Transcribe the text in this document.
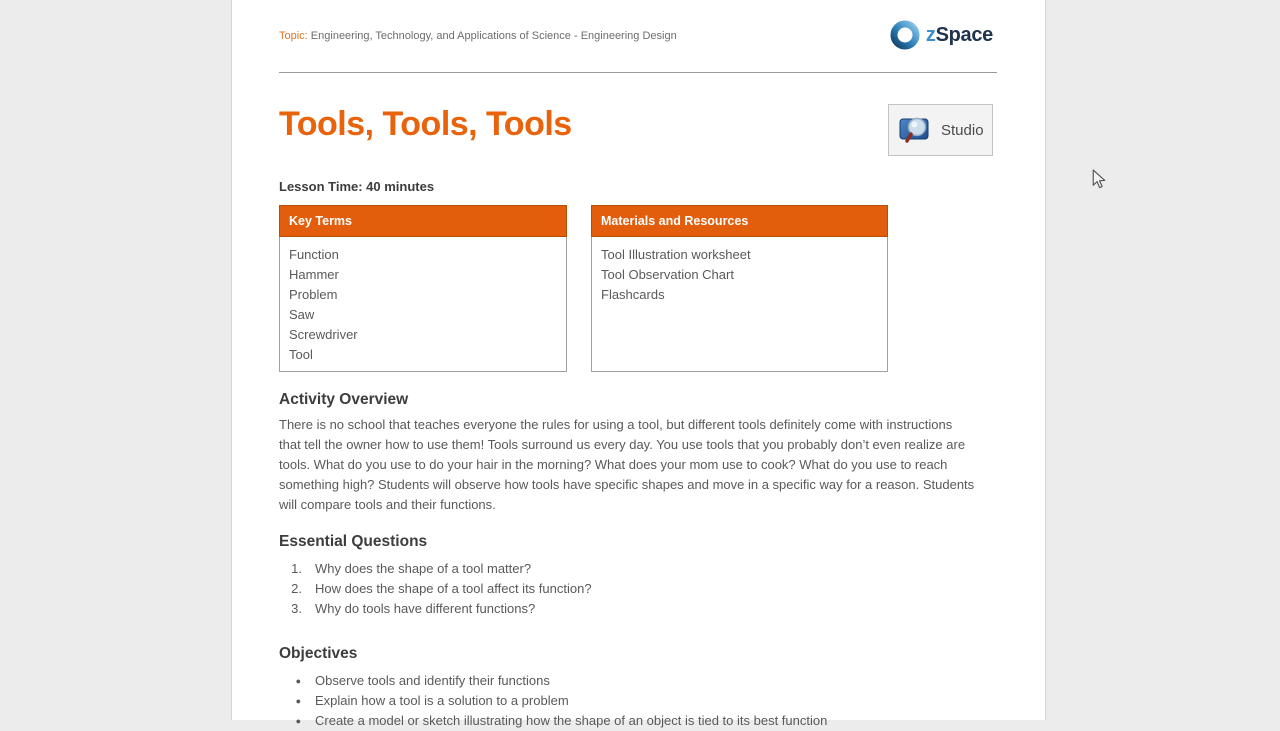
Topic: Engineering, Technology, and Applications of Science - Engineering Design	zSpace
Tools, Tools, Tools	Studio
Lesson Time: 40 minutes
Key Terms
Function
Hammer
Problem
Saw
Screwdriver
Tool
Materials and Resources
Tool Illustration worksheet
Tool Observation Chart
Flashcards
Activity Overview
There is no school that teaches everyone the rules for using a tool, but different tools definitely come with instructions
that tell the owner how to use them! Tools surround us every day. You use tools that you probably don’t even realize are
tools. What do you use to do your hair in the morning? What does your mom use to cook? What do you use to reach
something high? Students will observe how tools have specific shapes and move in a specific way for a reason. Students
will compare tools and their functions.
Essential Questions
1.	Why does the shape of a tool matter?
2.	How does the shape of a tool affect its function?
3.	Why do tools have different functions?
Objectives
●	Observe tools and identify their functions
●	Explain how a tool is a solution to a problem
●	Create a model or sketch illustrating how the shape of an object is tied to its best function
